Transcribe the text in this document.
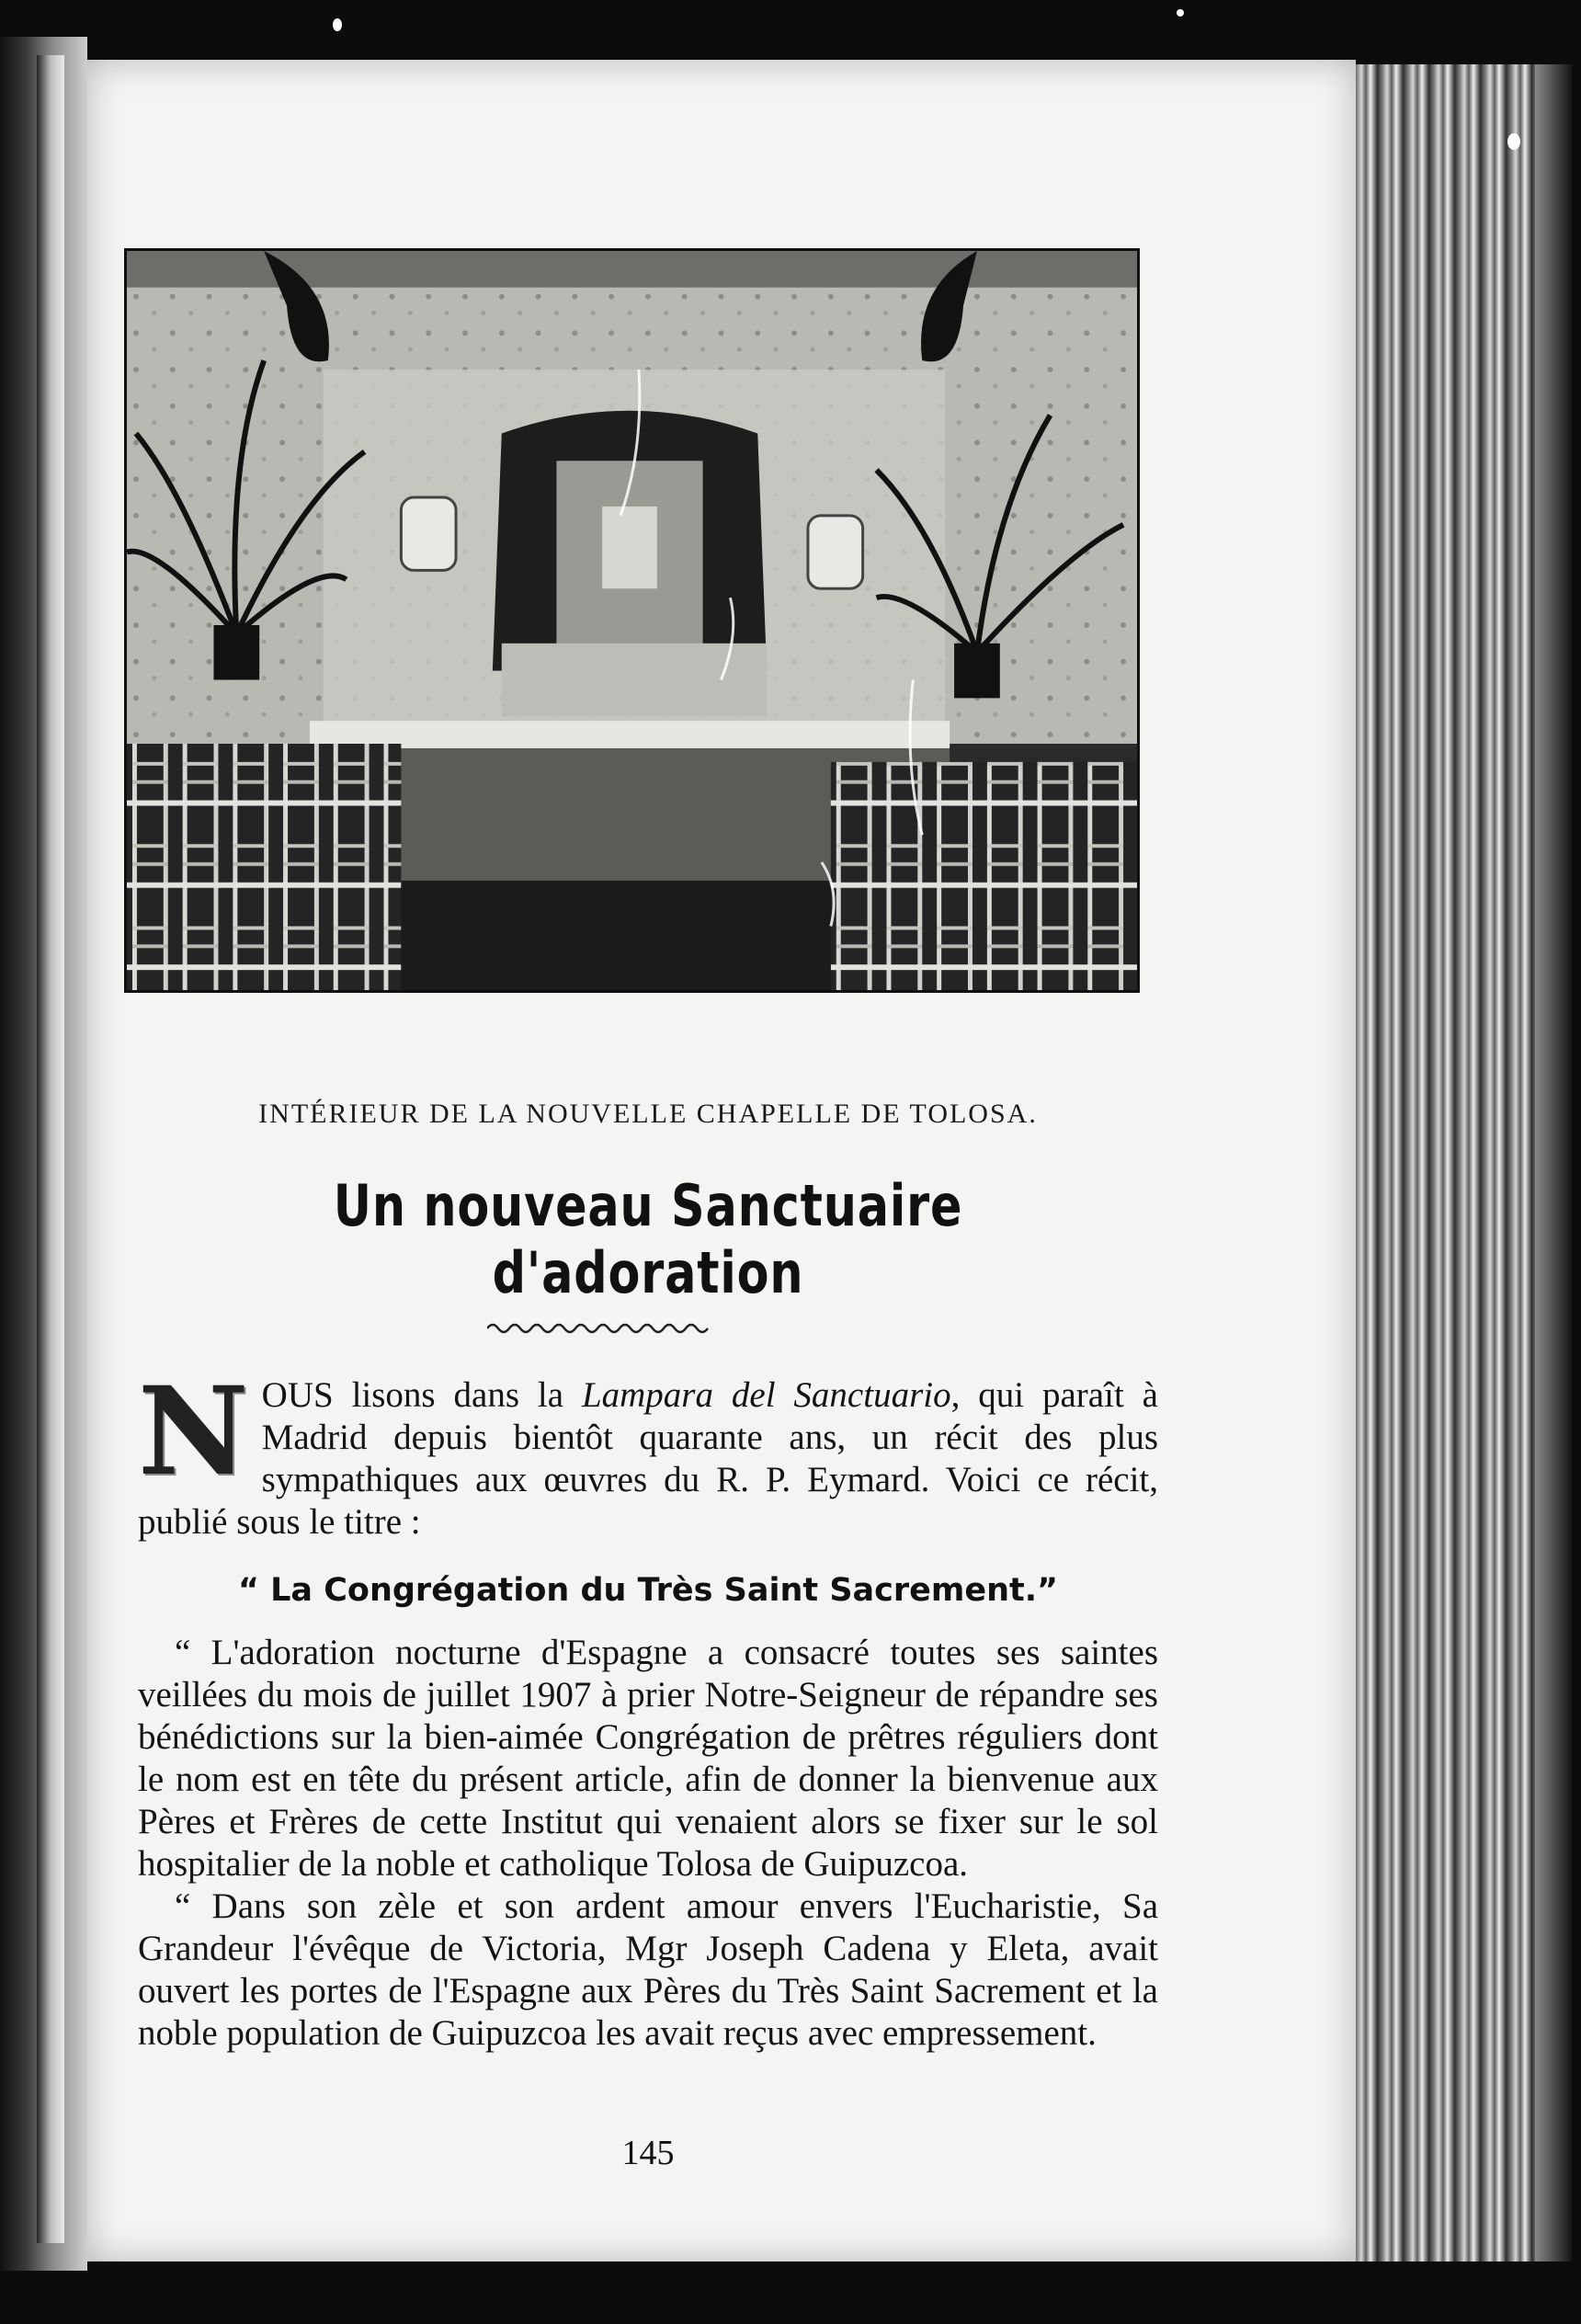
INTÉRIEUR DE LA NOUVELLE CHAPELLE DE TOLOSA.
Un nouveau Sanctuaire d'adoration

NOUS lisons dans la Lampara del Sanctuario, qui paraît à Madrid depuis bientôt quarante ans, un récit des plus sympathiques aux œuvres du R. P. Eymard. Voici ce récit, publié sous le titre :

“ La Congrégation du Très Saint Sacrement.”

“ L'adoration nocturne d'Espagne a consacré toutes ses saintes veillées du mois de juillet 1907 à prier Notre-Seigneur de répandre ses bénédictions sur la bien-aimée Congrégation de prêtres réguliers dont le nom est en tête du présent article, afin de donner la bienvenue aux Pères et Frères de cette Institut qui venaient alors se fixer sur le sol hospitalier de la noble et catholique Tolosa de Guipuzcoa.

“ Dans son zèle et son ardent amour envers l'Eucharistie, Sa Grandeur l'évêque de Victoria, Mgr Joseph Cadena y Eleta, avait ouvert les portes de l'Espagne aux Pères du Très Saint Sacrement et la noble population de Guipuzcoa les avait reçus avec empressement.

145
